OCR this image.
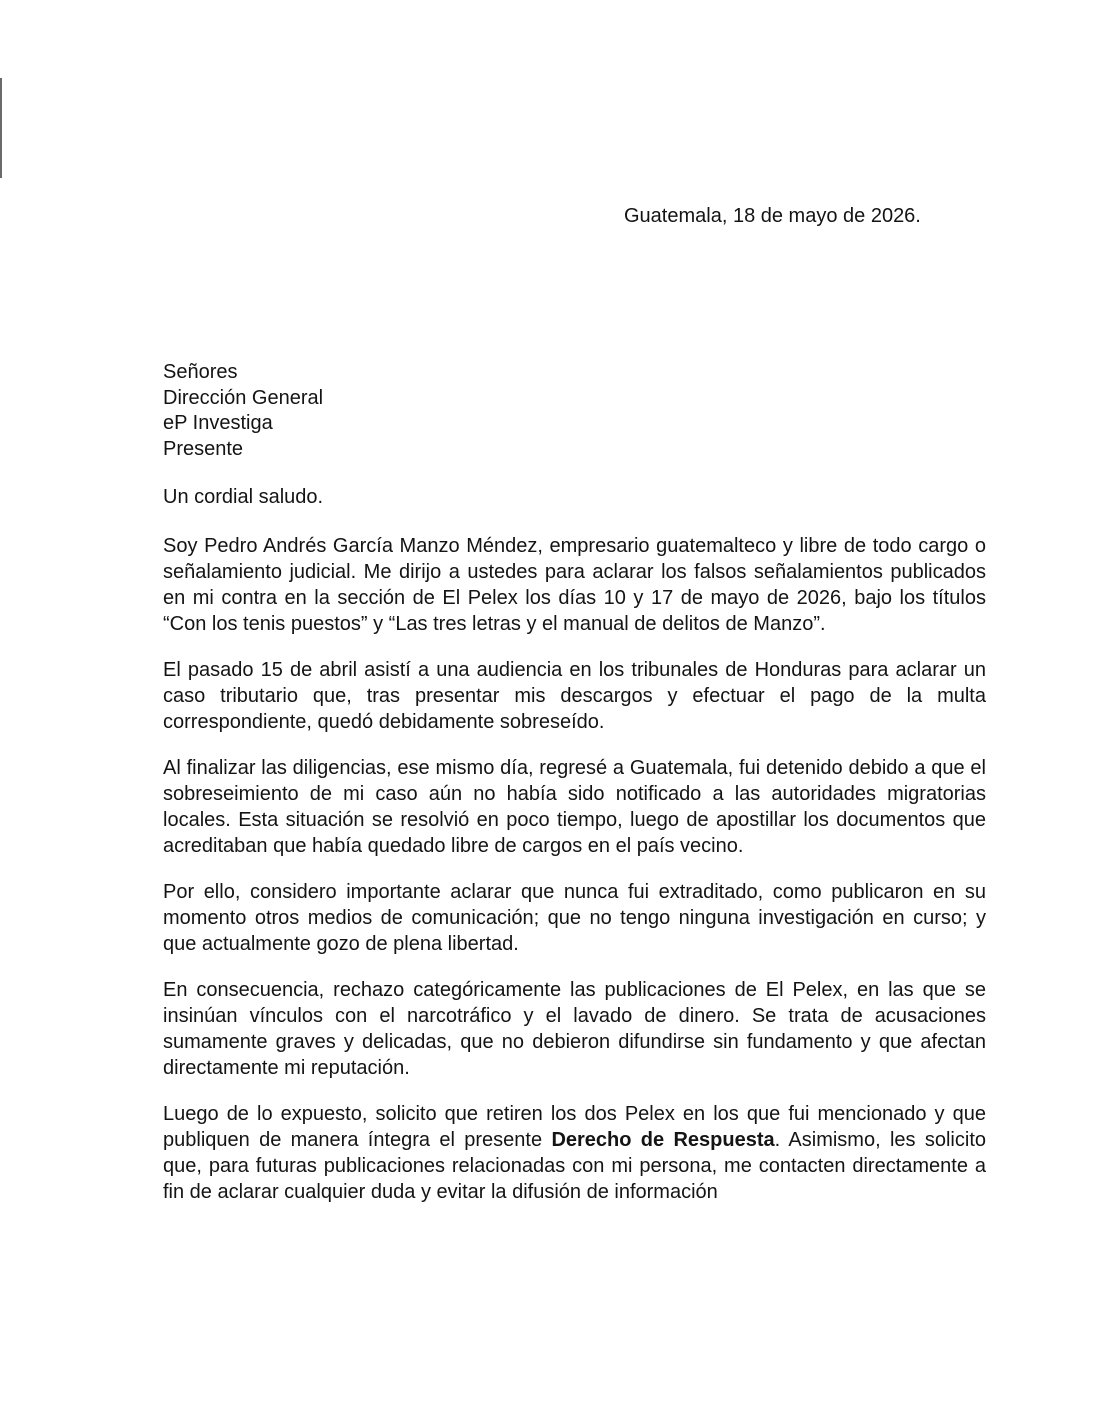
Guatemala, 18 de mayo de 2026.
Señores
Dirección General
eP Investiga
Presente
Un cordial saludo.

Soy Pedro Andrés García Manzo Méndez, empresario guatemalteco y libre de todo cargo o señalamiento judicial. Me dirijo a ustedes para aclarar los falsos señalamientos publicados en mi contra en la sección de El Pelex los días 10 y 17 de mayo de 2026, bajo los títulos “Con los tenis puestos” y “Las tres letras y el manual de delitos de Manzo”.

El pasado 15 de abril asistí a una audiencia en los tribunales de Honduras para aclarar un caso tributario que, tras presentar mis descargos y efectuar el pago de la multa correspondiente, quedó debidamente sobreseído.

Al finalizar las diligencias, ese mismo día, regresé a Guatemala, fui detenido debido a que el sobreseimiento de mi caso aún no había sido notificado a las autoridades migratorias locales. Esta situación se resolvió en poco tiempo, luego de apostillar los documentos que acreditaban que había quedado libre de cargos en el país vecino.

Por ello, considero importante aclarar que nunca fui extraditado, como publicaron en su momento otros medios de comunicación; que no tengo ninguna investigación en curso; y que actualmente gozo de plena libertad.

En consecuencia, rechazo categóricamente las publicaciones de El Pelex, en las que se insinúan vínculos con el narcotráfico y el lavado de dinero. Se trata de acusaciones sumamente graves y delicadas, que no debieron difundirse sin fundamento y que afectan directamente mi reputación.

Luego de lo expuesto, solicito que retiren los dos Pelex en los que fui mencionado y que publiquen de manera íntegra el presente Derecho de Respuesta. Asimismo, les solicito que, para futuras publicaciones relacionadas con mi persona, me contacten directamente a fin de aclarar cualquier duda y evitar la difusión de información
